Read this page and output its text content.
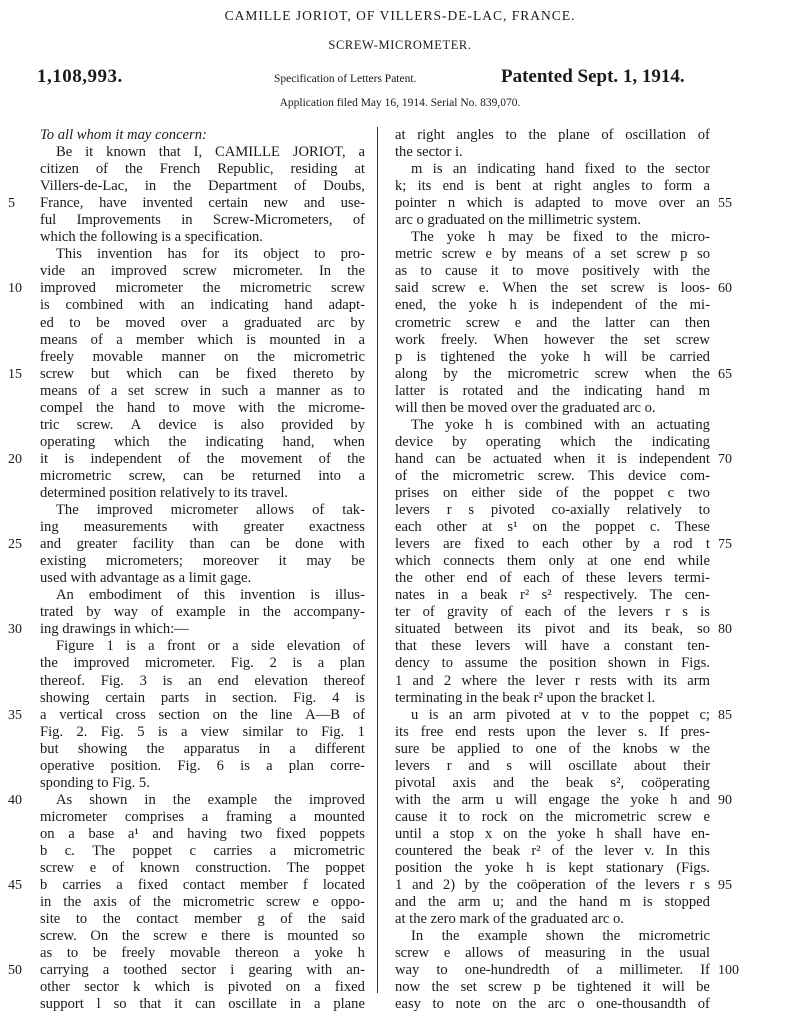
CAMILLE JORIOT, OF VILLERS-DE-LAC, FRANCE.
SCREW-MICROMETER.
1,108,993.	Specification of Letters Patent.	Patented Sept. 1, 1914.
Application filed May 16, 1914. Serial No. 839,070.
To all whom it may concern:
Be it known that I, CAMILLE JORIOT, a
citizen of the French Republic, residing at
Villers-de-Lac, in the Department of Doubs,
France, have invented certain new and use-
ful Improvements in Screw-Micrometers, of
which the following is a specification.
This invention has for its object to pro-
vide an improved screw micrometer. In the
improved micrometer the micrometric screw
is combined with an indicating hand adapt-
ed to be moved over a graduated arc by
means of a member which is mounted in a
freely movable manner on the micrometric
screw but which can be fixed thereto by
means of a set screw in such a manner as to
compel the hand to move with the microme-
tric screw. A device is also provided by
operating which the indicating hand, when
it is independent of the movement of the
micrometric screw, can be returned into a
determined position relatively to its travel.
The improved micrometer allows of tak-
ing measurements with greater exactness
and greater facility than can be done with
existing micrometers; moreover it may be
used with advantage as a limit gage.
An embodiment of this invention is illus-
trated by way of example in the accompany-
ing drawings in which:—
Figure 1 is a front or a side elevation of
the improved micrometer. Fig. 2 is a plan
thereof. Fig. 3 is an end elevation thereof
showing certain parts in section. Fig. 4 is
a vertical cross section on the line A—B of
Fig. 2. Fig. 5 is a view similar to Fig. 1
but showing the apparatus in a different
operative position. Fig. 6 is a plan corre-
sponding to Fig. 5.
As shown in the example the improved
micrometer comprises a framing a mounted
on a base a¹ and having two fixed poppets
b c. The poppet c carries a micrometric
screw e of known construction. The poppet
b carries a fixed contact member f located
in the axis of the micrometric screw e oppo-
site to the contact member g of the said
screw. On the screw e there is mounted so
as to be freely movable thereon a yoke h
carrying a toothed sector i gearing with an-
other sector k which is pivoted on a fixed
support l so that it can oscillate in a plane
at right angles to the plane of oscillation of
the sector i.
m is an indicating hand fixed to the sector
k; its end is bent at right angles to form a
pointer n which is adapted to move over an
arc o graduated on the millimetric system.
The yoke h may be fixed to the micro-
metric screw e by means of a set screw p so
as to cause it to move positively with the
said screw e. When the set screw is loos-
ened, the yoke h is independent of the mi-
crometric screw e and the latter can then
work freely. When however the set screw
p is tightened the yoke h will be carried
along by the micrometric screw when the
latter is rotated and the indicating hand m
will then be moved over the graduated arc o.
The yoke h is combined with an actuating
device by operating which the indicating
hand can be actuated when it is independent
of the micrometric screw. This device com-
prises on either side of the poppet c two
levers r s pivoted co-axially relatively to
each other at s¹ on the poppet c. These
levers are fixed to each other by a rod t
which connects them only at one end while
the other end of each of these levers termi-
nates in a beak r² s² respectively. The cen-
ter of gravity of each of the levers r s is
situated between its pivot and its beak, so
that these levers will have a constant ten-
dency to assume the position shown in Figs.
1 and 2 where the lever r rests with its arm
terminating in the beak r² upon the bracket l.
u is an arm pivoted at v to the poppet c;
its free end rests upon the lever s. If pres-
sure be applied to one of the knobs w the
levers r and s will oscillate about their
pivotal axis and the beak s², coöperating
with the arm u will engage the yoke h and
cause it to rock on the micrometric screw e
until a stop x on the yoke h shall have en-
countered the beak r² of the lever v. In this
position the yoke h is kept stationary (Figs.
1 and 2) by the coöperation of the levers r s
and the arm u; and the hand m is stopped
at the zero mark of the graduated arc o.
In the example shown the micrometric
screw e allows of measuring in the usual
way to one-hundredth of a millimeter. If
now the set screw p be tightened it will be
easy to note on the arc o one-thousandth of
5
10
15
20
25
30
35
40
45
50
55
60
65
70
75
80
85
90
95
100
